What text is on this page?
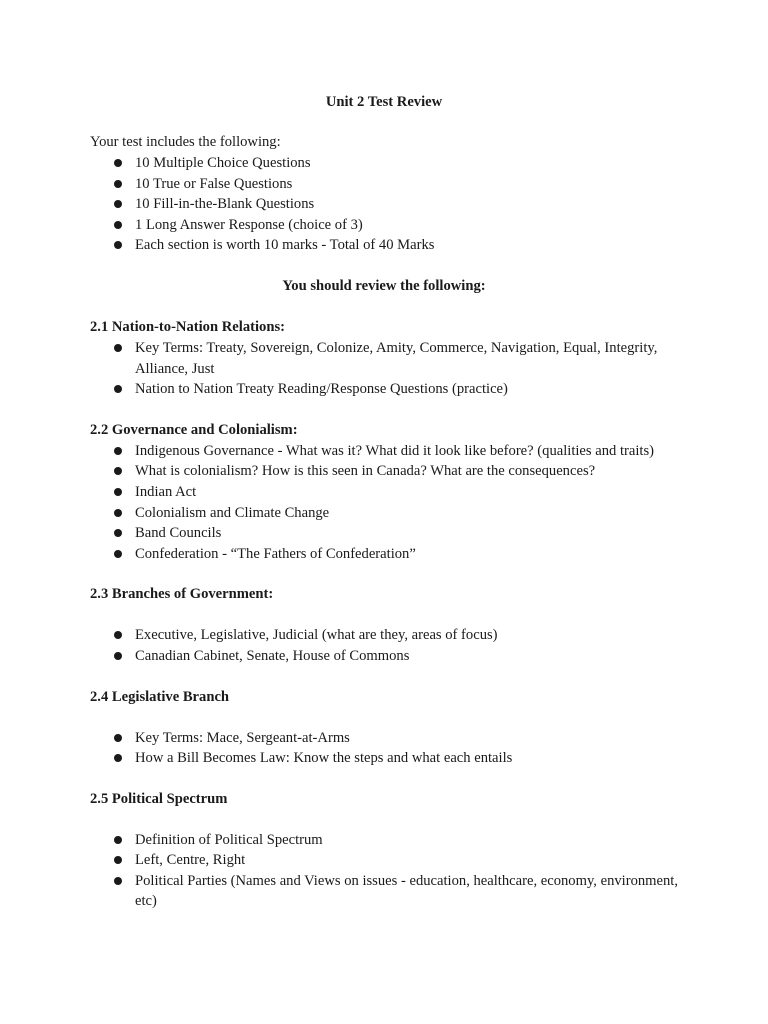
Unit 2 Test Review
Your test includes the following:
10 Multiple Choice Questions
10 True or False Questions
10 Fill-in-the-Blank Questions
1 Long Answer Response (choice of 3)
Each section is worth 10 marks - Total of 40 Marks
You should review the following:
2.1 Nation-to-Nation Relations:
Key Terms: Treaty, Sovereign, Colonize, Amity, Commerce, Navigation, Equal, Integrity, Alliance, Just
Nation to Nation Treaty Reading/Response Questions (practice)
2.2 Governance and Colonialism:
Indigenous Governance - What was it? What did it look like before? (qualities and traits)
What is colonialism? How is this seen in Canada? What are the consequences?
Indian Act
Colonialism and Climate Change
Band Councils
Confederation - “The Fathers of Confederation”
2.3 Branches of Government:
Executive, Legislative, Judicial (what are they, areas of focus)
Canadian Cabinet, Senate, House of Commons
2.4 Legislative Branch
Key Terms: Mace, Sergeant-at-Arms
How a Bill Becomes Law: Know the steps and what each entails
2.5 Political Spectrum
Definition of Political Spectrum
Left, Centre, Right
Political Parties (Names and Views on issues - education, healthcare, economy, environment, etc)
